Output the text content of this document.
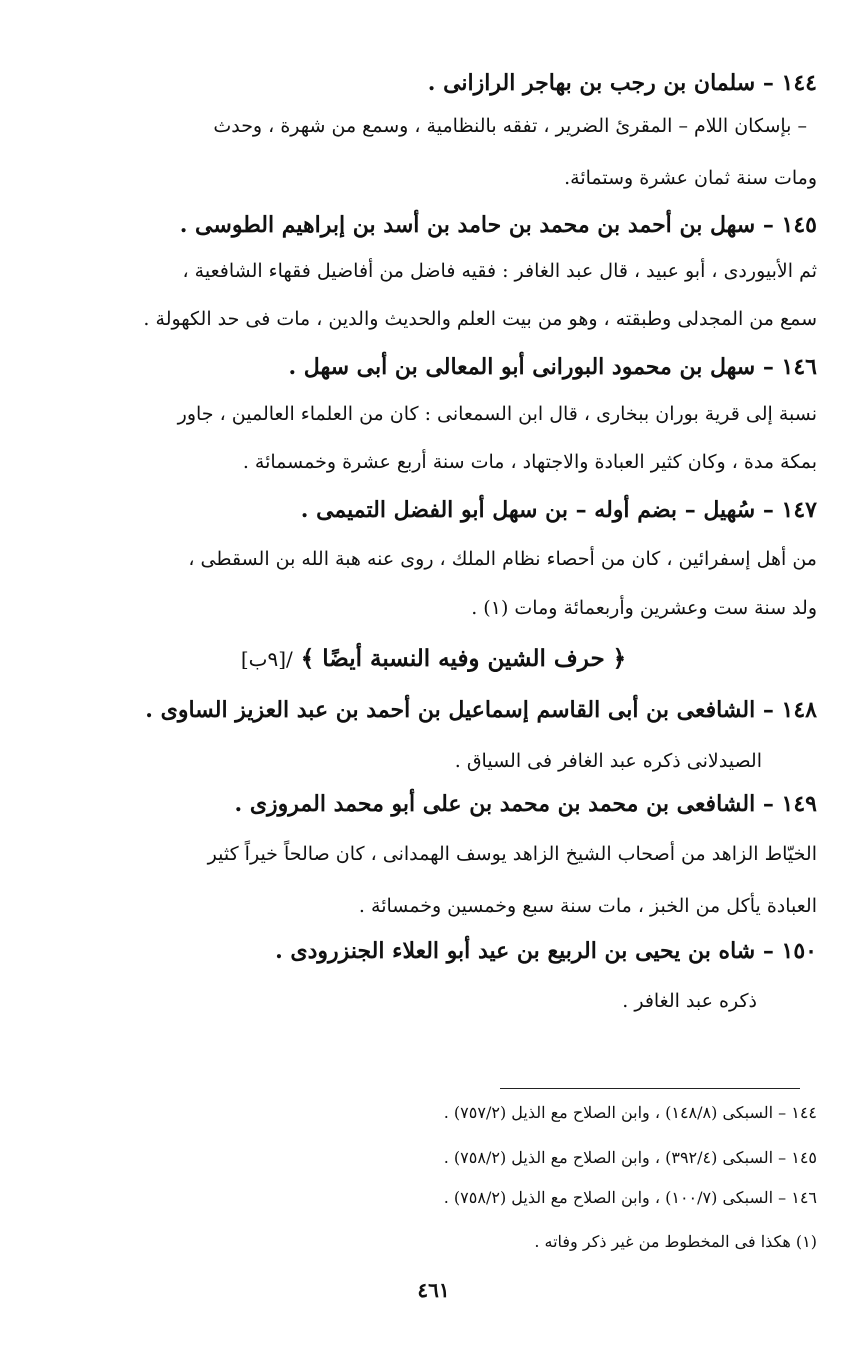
١٤٤ – سلمان بن رجب بن بهاجر الرازانى .
– بإسكان اللام – المقرئ الضرير ، تفقه بالنظامية ، وسمع من شهرة ، وحدث
ومات سنة ثمان عشرة وستمائة.
١٤٥ – سهل بن أحمد بن محمد بن حامد بن أسد بن إبراهيم الطوسى .
ثم الأبيوردى ، أبو عبيد ، قال عبد الغافر : فقيه فاضل من أفاضيل فقهاء الشافعية ،
سمع من المجدلى وطبقته ، وهو من بيت العلم والحديث والدين ، مات فى حد الكهولة .
١٤٦ – سهل بن محمود البورانى أبو المعالى بن أبى سهل .
نسبة إلى قرية بوران ببخارى ، قال ابن السمعانى : كان من العلماء العالمين ، جاور
بمكة مدة ، وكان كثير العبادة والاجتهاد ، مات سنة أربع عشرة وخمسمائة .
١٤٧ – سُهيل – بضم أوله – بن سهل أبو الفضل التميمى .
من أهل إسفرائين ، كان من أحصاء نظام الملك ، روى عنه هبة الله بن السقطى ،
ولد سنة ست وعشرين وأربعمائة ومات (١) .
﴿ حرف الشين وفيه النسبة أيضًا ﴾ /[٩ب]
١٤٨ – الشافعى بن أبى القاسم إسماعيل بن أحمد بن عبد العزيز الساوى .
الصيدلانى ذكره عبد الغافر فى السياق .
١٤٩ – الشافعى بن محمد بن محمد بن على أبو محمد المروزى .
الخيّاط الزاهد من أصحاب الشيخ الزاهد يوسف الهمدانى ، كان صالحاً خيراً كثير
العبادة يأكل من الخبز ، مات سنة سبع وخمسين وخمسائة .
١٥٠ – شاه بن يحيى بن الربيع بن عيد أبو العلاء الجنزرودى .
ذكره عبد الغافر .
١٤٤ – السبكى (١٤٨/٨) ، وابن الصلاح مع الذيل (٧٥٧/٢) .
١٤٥ – السبكى (٣٩٢/٤) ، وابن الصلاح مع الذيل (٧٥٨/٢) .
١٤٦ – السبكى (١٠٠/٧) ، وابن الصلاح مع الذيل (٧٥٨/٢) .
(١) هكذا فى المخطوط من غير ذكر وفاته .
٤٦١
